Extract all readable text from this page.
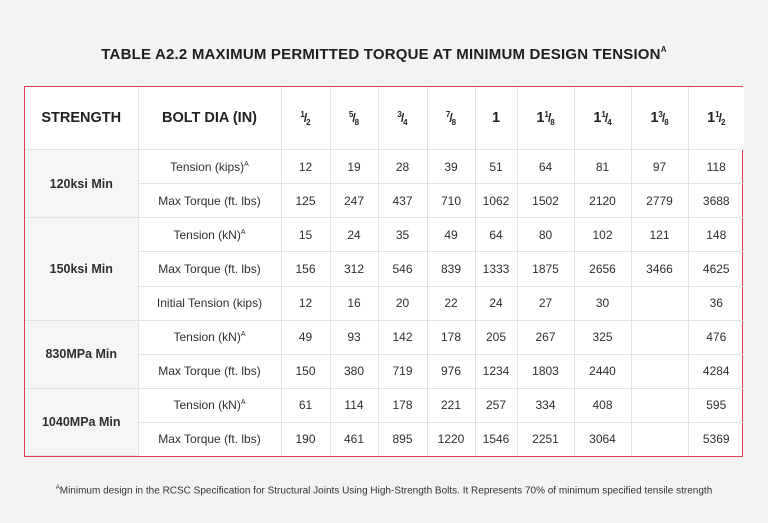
TABLE A2.2 MAXIMUM PERMITTED TORQUE AT MINIMUM DESIGN $TENSION^A$
STRENGTH	BOLT DIA (IN)	$^1/_2$	$^5/_8$	$^3/_4$	$^7/_8$	1	$1^1/_8$	$1^1/_4$	$1^3/_8$	$1^1/_2$
120ksi Min	Tension (kips)$^A$	12	19	28	39	51	64	81	97	118
	Max Torque (ft. lbs)	125	247	437	710	1062	1502	2120	2779	3688
150ksi Min	Tension (kN)$^A$	15	24	35	49	64	80	102	121	148
	Max Torque (ft. lbs)	156	312	546	839	1333	1875	2656	3466	4625
	Initial Tension (kips)	12	16	20	22	24	27	30		36
830MPa Min	Tension (kN)$^A$	49	93	142	178	205	267	325		476
	Max Torque (ft. lbs)	150	380	719	976	1234	1803	2440		4284
1040MPa Min	Tension (kN)$^A$	61	114	178	221	257	334	408		595
	Max Torque (ft. lbs)	190	461	895	1220	1546	2251	3064		5369
$^A$Minimum design in the RCSC Specification for Structural Joints Using High-Strength Bolts. It Represents 70% of minimum specified tensile strength
